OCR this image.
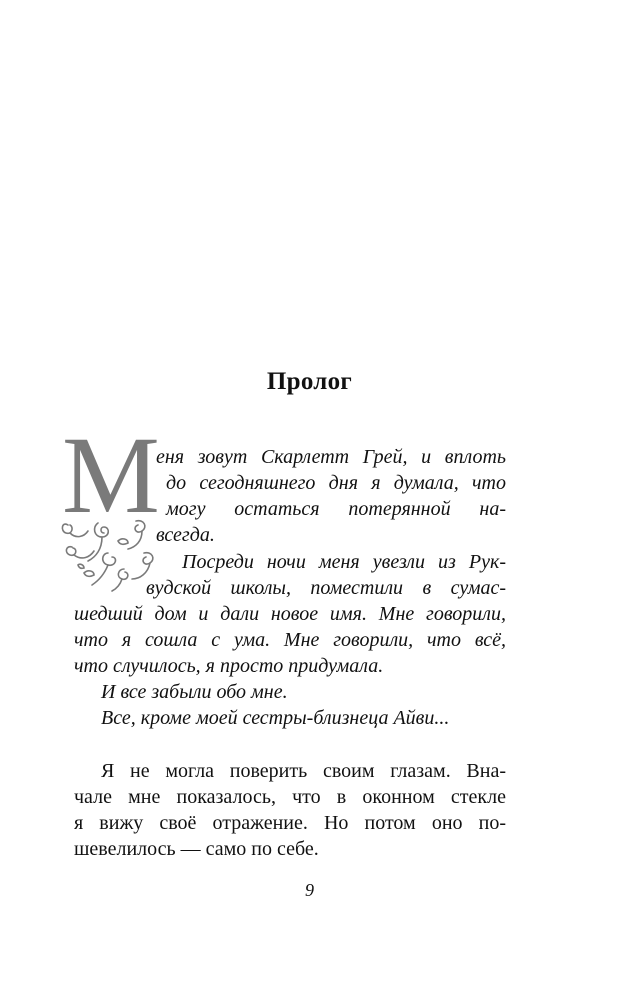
Пролог
М
еня зовут Скарлетт Грей, и вплоть
до сегодняшнего дня я думала, что
могу остаться потерянной на-
всегда.
Посреди ночи меня увезли из Рук-
вудской школы, поместили в сумас-
шедший дом и дали новое имя. Мне говорили,
что я сошла с ума. Мне говорили, что всё,
что случилось, я просто придумала.
И все забыли обо мне.
Все, кроме моей сестры-близнеца Айви...
Я не могла поверить своим глазам. Вна-
чале мне показалось, что в оконном стекле
я вижу своё отражение. Но потом оно по-
шевелилось — само по себе.
9
